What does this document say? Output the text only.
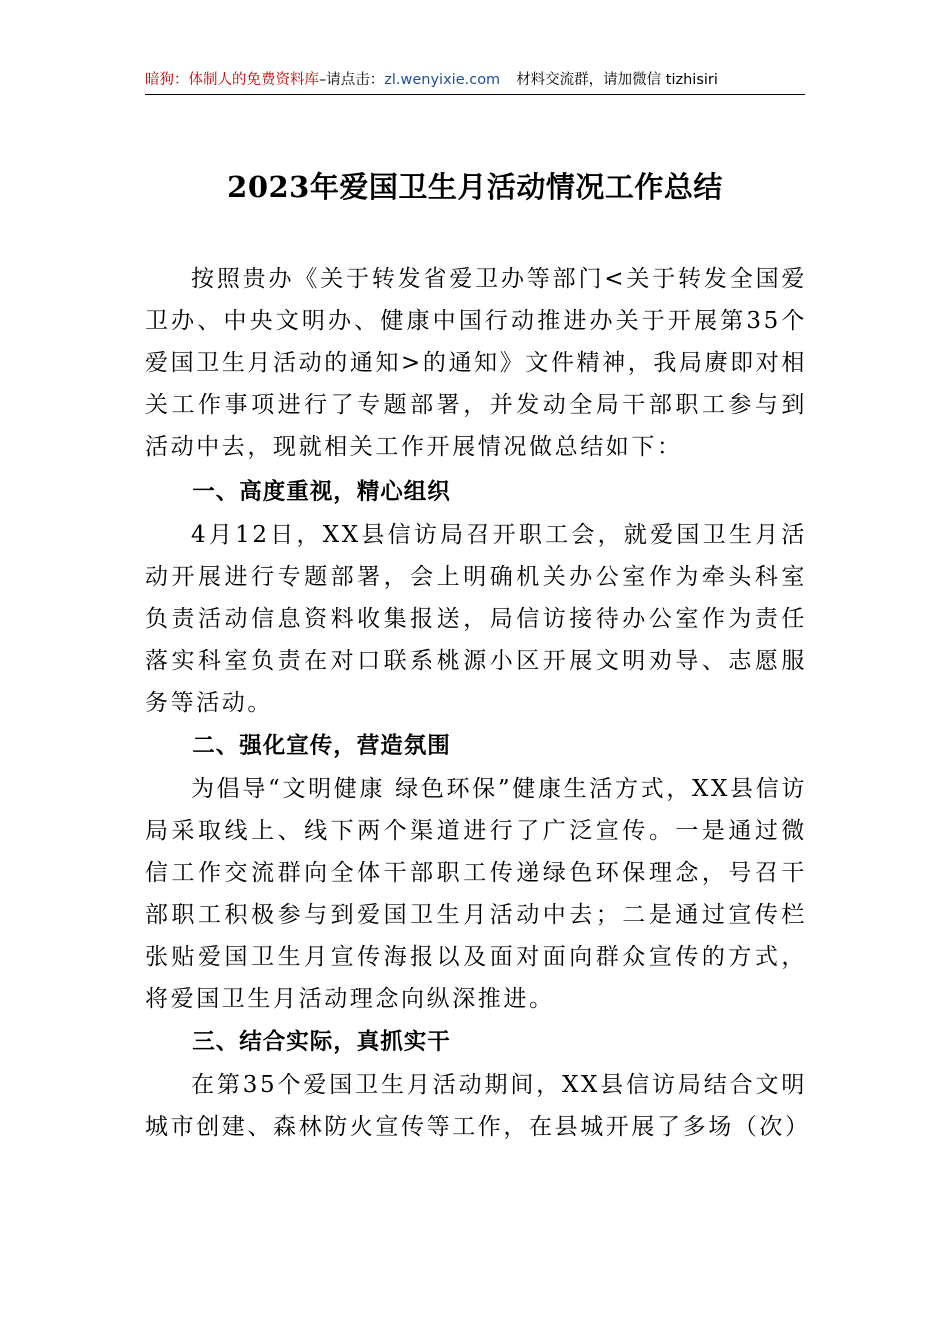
暗狗：体制人的免费资料库–请点击：zl.wenyixie.com 材料交流群，请加微信 tizhisiri
2023年爱国卫生月活动情况工作总结

按照贵办《关于转发省爱卫办等部门<关于转发全国爱卫办、中央文明办、健康中国行动推进办关于开展第35个爱国卫生月活动的通知>的通知》文件精神，我局赓即对相关工作事项进行了专题部署，并发动全局干部职工参与到活动中去，现就相关工作开展情况做总结如下：

一、高度重视，精心组织

4月12日，XX县信访局召开职工会，就爱国卫生月活动开展进行专题部署，会上明确机关办公室作为牵头科室负责活动信息资料收集报送，局信访接待办公室作为责任落实科室负责在对口联系桃源小区开展文明劝导、志愿服务等活动。

二、强化宣传，营造氛围

为倡导“文明健康 绿色环保”健康生活方式，XX县信访局采取线上、线下两个渠道进行了广泛宣传。一是通过微信工作交流群向全体干部职工传递绿色环保理念，号召干部职工积极参与到爱国卫生月活动中去；二是通过宣传栏张贴爱国卫生月宣传海报以及面对面向群众宣传的方式，将爱国卫生月活动理念向纵深推进。

三、结合实际，真抓实干

在第35个爱国卫生月活动期间，XX县信访局结合文明城市创建、森林防火宣传等工作，在县城开展了多场（次）
